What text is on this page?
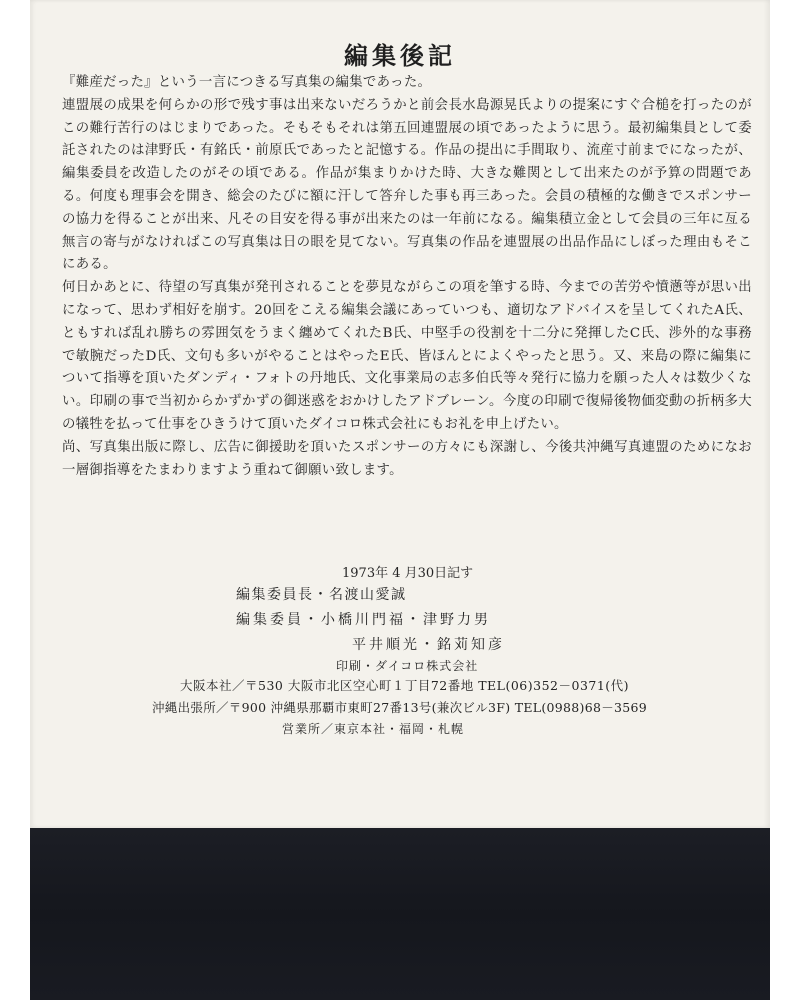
編集後記

『難産だった』という一言につきる写真集の編集であった。

連盟展の成果を何らかの形で残す事は出来ないだろうかと前会長水島源晃氏よりの提案にすぐ合槌を打ったのがこの難行苦行のはじまりであった。そもそもそれは第五回連盟展の頃であったように思う。最初編集員として委託されたのは津野氏・有銘氏・前原氏であったと記憶する。作品の提出に手間取り、流産寸前までになったが、編集委員を改造したのがその頃である。作品が集まりかけた時、大きな難関として出来たのが予算の問題である。何度も理事会を開き、総会のたびに額に汗して答弁した事も再三あった。会員の積極的な働きでスポンサーの協力を得ることが出来、凡その目安を得る事が出来たのは一年前になる。編集積立金として会員の三年に亙る無言の寄与がなければこの写真集は日の眼を見てない。写真集の作品を連盟展の出品作品にしぼった理由もそこにある。

何日かあとに、待望の写真集が発刊されることを夢見ながらこの項を筆する時、今までの苦労や憤懣等が思い出になって、思わず相好を崩す。20回をこえる編集会議にあっていつも、適切なアドバイスを呈してくれたA氏、ともすれば乱れ勝ちの雰囲気をうまく纏めてくれたB氏、中堅手の役割を十二分に発揮したC氏、渉外的な事務で敏腕だったD氏、文句も多いがやることはやったE氏、皆ほんとによくやったと思う。又、来島の際に編集について指導を頂いたダンディ・フォトの丹地氏、文化事業局の志多伯氏等々発行に協力を願った人々は数少くない。印刷の事で当初からかずかずの御迷惑をおかけしたアドブレーン。今度の印刷で復帰後物価変動の折柄多大の犠牲を払って仕事をひきうけて頂いたダイコロ株式会社にもお礼を申上げたい。

尚、写真集出版に際し、広告に御援助を頂いたスポンサーの方々にも深謝し、今後共沖縄写真連盟のためになお一層御指導をたまわりますよう重ねて御願い致します。

1973年 4 月30日記す
編集委員長・名渡山愛誠
編集委員・小橋川門福・津野力男
平井順光・銘苅知彦
印刷・ダイコロ株式会社
大阪本社／〒530 大阪市北区空心町１丁目72番地 TEL(06)352－0371(代)
沖縄出張所／〒900 沖縄県那覇市東町27番13号(兼次ビル3F) TEL(0988)68－3569
営業所／東京本社・福岡・札幌
